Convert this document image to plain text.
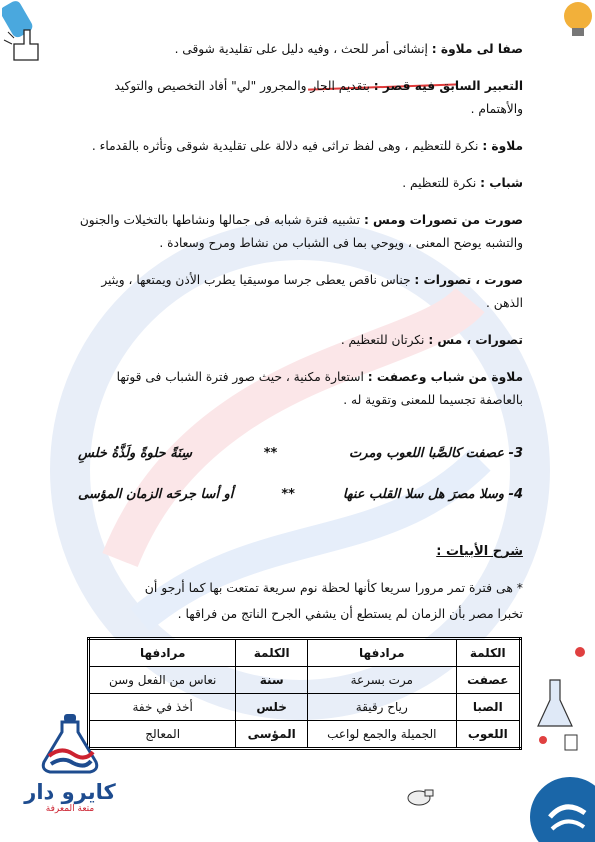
صفا لى ملاوة : إنشائى أمر للحث ، وفيه دليل على تقليدية شوقى .

التعبير السابق فيه قصر : بتقديم الجار والمجرور "لي" أفاد التخصيص والتوكيد والأهتمام .

ملاوة : نكرة للتعظيم ، وهى لفظ تراثى فيه دلالة على تقليدية شوقى وتأثره بالقدماء .

شباب : نكرة للتعظيم .

صورت من تصورات ومس : تشبيه فترة شبابه فى جمالها ونشاطها بالتخيلات والجنون والتشبه يوضح المعنى ، ويوحي بما فى الشباب من نشاط ومرح وسعادة .

صورت ، تصورات : جناس ناقص يعطى جرسا موسيقيا يطرب الأذن ويمتعها ، ويثير الذهن .

تصورات ، مس : نكرتان للتعظيم .

ملاوة من شباب وعصفت : استعارة مكنية ، حيث صور فترة الشباب فى قوتها بالعاصفة تجسيما للمعنى وتقوية له .

3- عصفت كالصَّبا اللعوب ومرت
**
سِنَةً حلوةً ولَذَّةُ خلسِ
4- وسلا مصرَ هل سلا القلب عنها
**
أو أسا جرحَه الزمان المؤسى
شرح الأبيات :

* هى فترة تمر مرورا سريعا كأنها لحظة نوم سريعة تمتعت بها كما أرجو أن

تخبرا مصر بأن الزمان لم يستطع أن يشفي الجرح الناتج من فراقها .

الكلمة	مرادفها	الكلمة	مرادفها
عصفت	مرت بسرعة	سنة	نعاس من الفعل وسن
الصبا	رياح رقيقة	خلس	أخذ في خفة
اللعوب	الجميلة والجمع لواعب	المؤسى	المعالج
كايرو دار
متعة المعرفة
